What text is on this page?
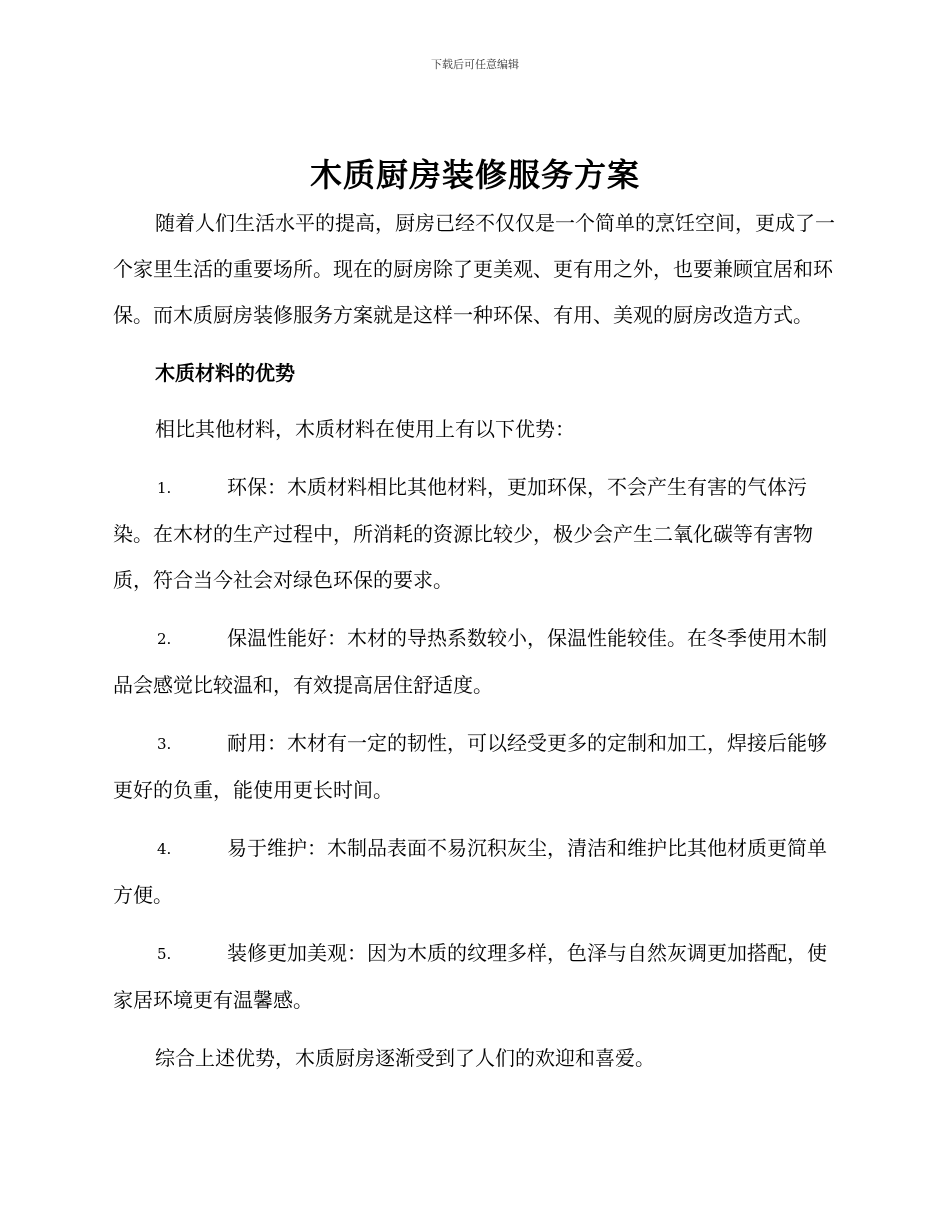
下载后可任意编辑
木质厨房装修服务方案

随着人们生活水平的提高，厨房已经不仅仅是一个简单的烹饪空间，更成了一个家里生活的重要场所。现在的厨房除了更美观、更有用之外，也要兼顾宜居和环保。而木质厨房装修服务方案就是这样一种环保、有用、美观的厨房改造方式。

木质材料的优势

相比其他材料，木质材料在使用上有以下优势：

1.	环保：木质材料相比其他材料，更加环保，不会产生有害的气体污染。在木材的生产过程中，所消耗的资源比较少，极少会产生二氧化碳等有害物质，符合当今社会对绿色环保的要求。

2.	保温性能好：木材的导热系数较小，保温性能较佳。在冬季使用木制品会感觉比较温和，有效提高居住舒适度。

3.	耐用：木材有一定的韧性，可以经受更多的定制和加工，焊接后能够更好的负重，能使用更长时间。

4.	易于维护：木制品表面不易沉积灰尘，清洁和维护比其他材质更简单方便。

5.	装修更加美观：因为木质的纹理多样，色泽与自然灰调更加搭配，使家居环境更有温馨感。

综合上述优势，木质厨房逐渐受到了人们的欢迎和喜爱。
